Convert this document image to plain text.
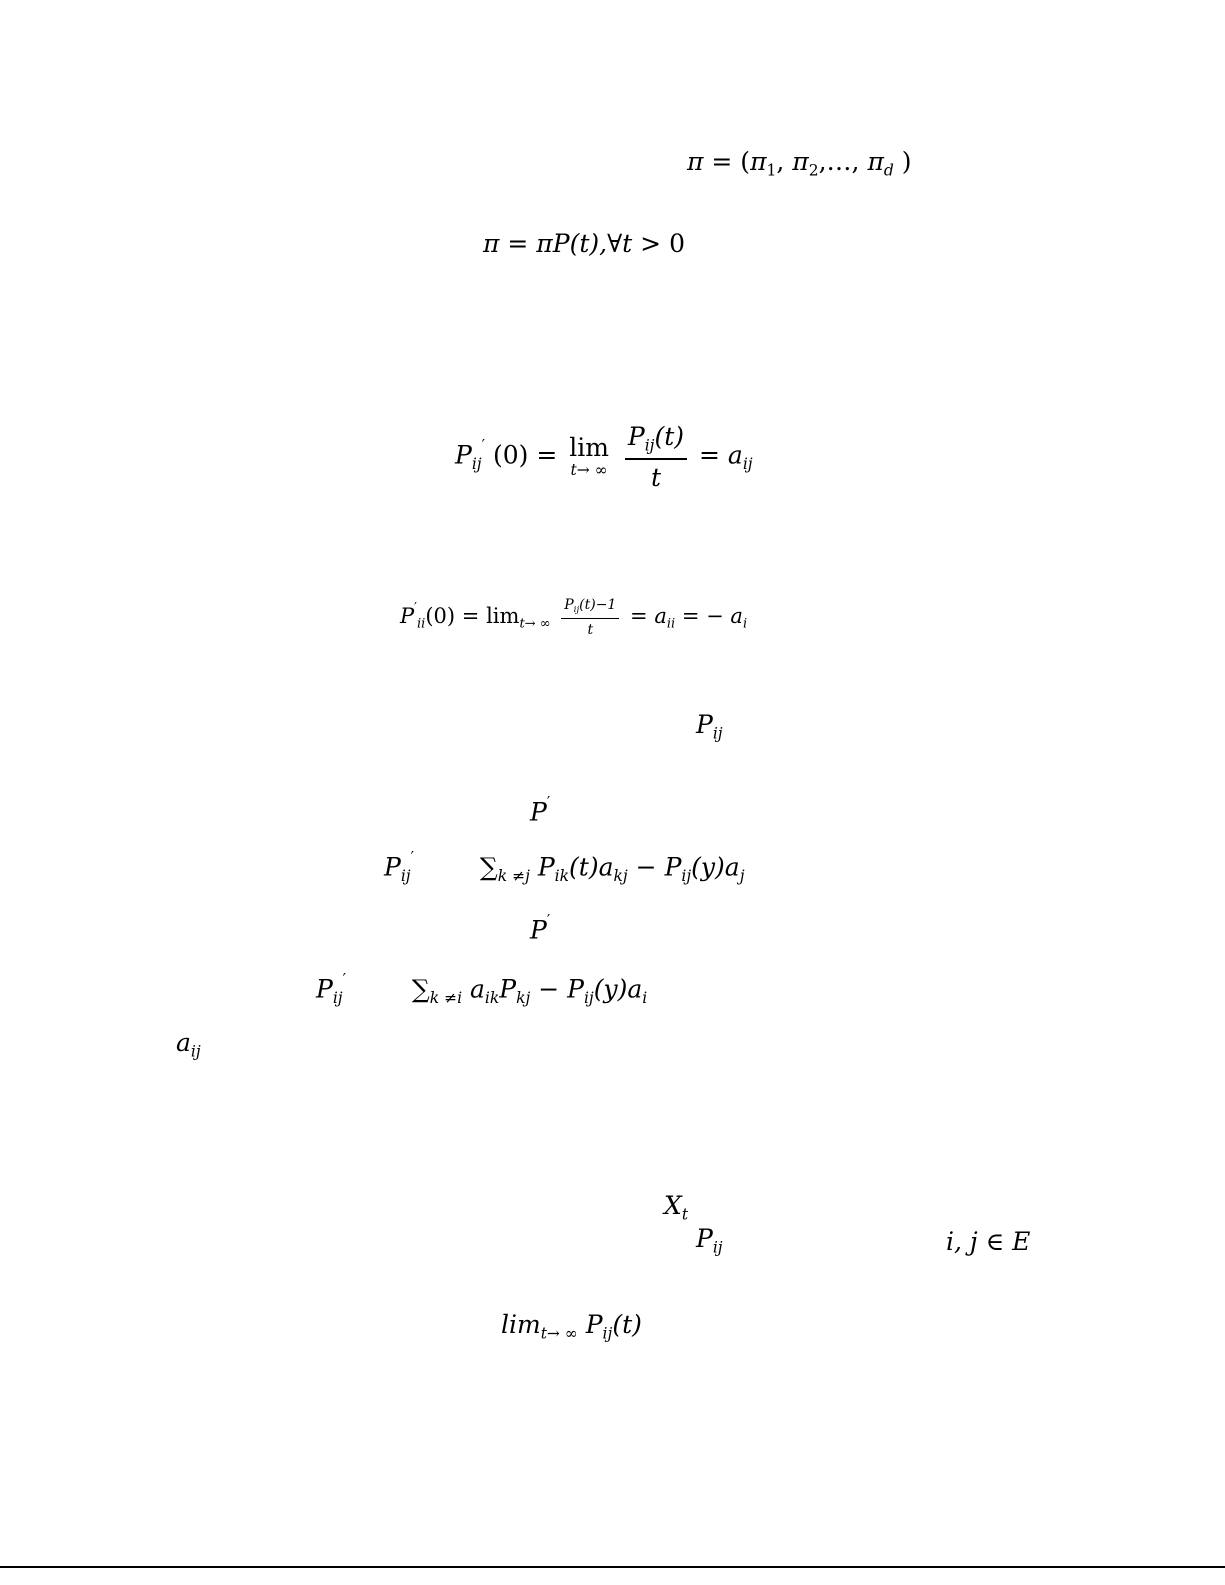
$\pi = (\pi_1$, $\pi_2,\dots$, $\pi_d$ )
π = πP(t),∀t > 0
$P_{ij}'$ (0) = lim
t→ ∞
$\frac{P_{ij}(t)}{t} = a_{ij}$
$P'_{ii}(0) = \lim_{t\to \infty} \frac{P_{ij}(t)-1}{t} = a_{ii}$ = − $a_i$
$P_{ij}$
P′
$P_{ij}'$	$\sum_{k \ne j}$ $P_{ik}(t)a_{kj} - P_{ij}(y)a_j$
P′
$P_{ij}'$	$\sum_{k \ne i}$ $a_{ik}P_{kj} - P_{ij}(y)a_i$
$a_{ij}$
$X_t$
$P_{ij}$	i, j ∈ E
$\lim_{t\to \infty} P_{ij}(t)$
